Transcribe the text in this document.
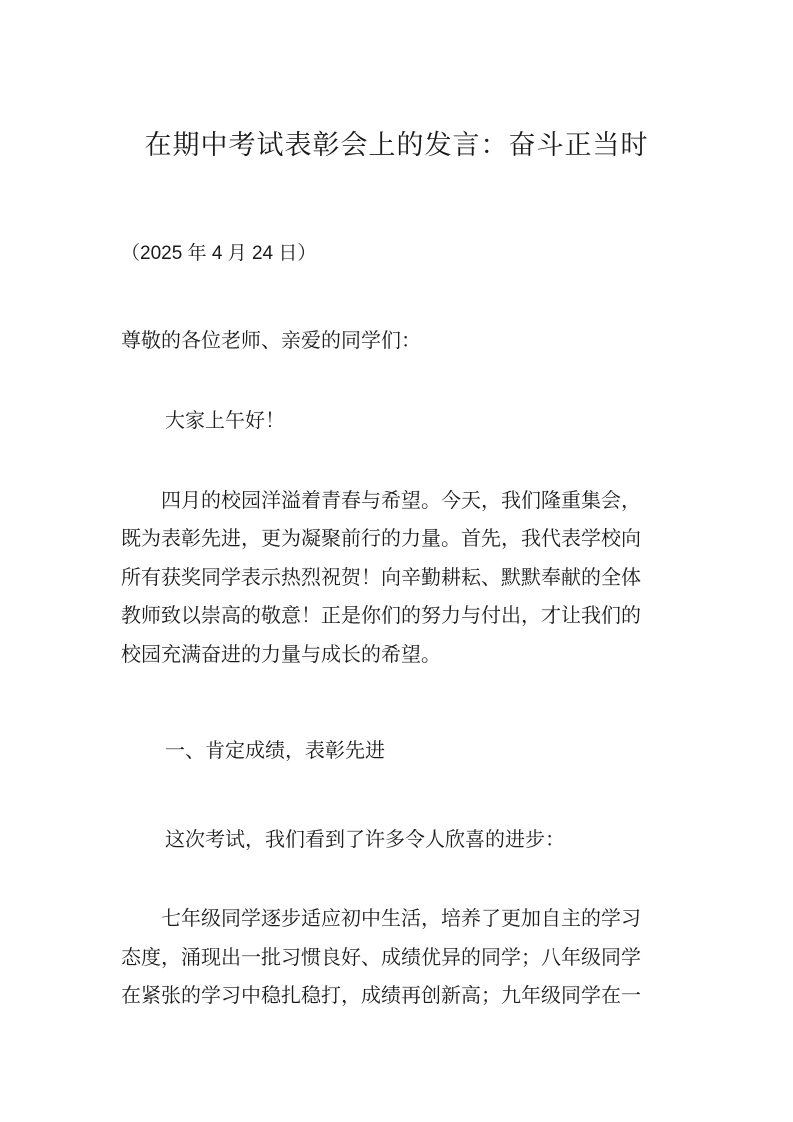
在期中考试表彰会上的发言：奋斗正当时

（2025 年 4 月 24 日）

尊敬的各位老师、亲爱的同学们：

大家上午好！

　　四月的校园洋溢着青春与希望。今天，我们隆重集会，

既为表彰先进，更为凝聚前行的力量。首先，我代表学校向

所有获奖同学表示热烈祝贺！向辛勤耕耘、默默奉献的全体

教师致以崇高的敬意！正是你们的努力与付出，才让我们的

校园充满奋进的力量与成长的希望。

一、肯定成绩，表彰先进

这次考试，我们看到了许多令人欣喜的进步：

　　七年级同学逐步适应初中生活，培养了更加自主的学习

态度，涌现出一批习惯良好、成绩优异的同学；八年级同学

在紧张的学习中稳扎稳打，成绩再创新高；九年级同学在一
